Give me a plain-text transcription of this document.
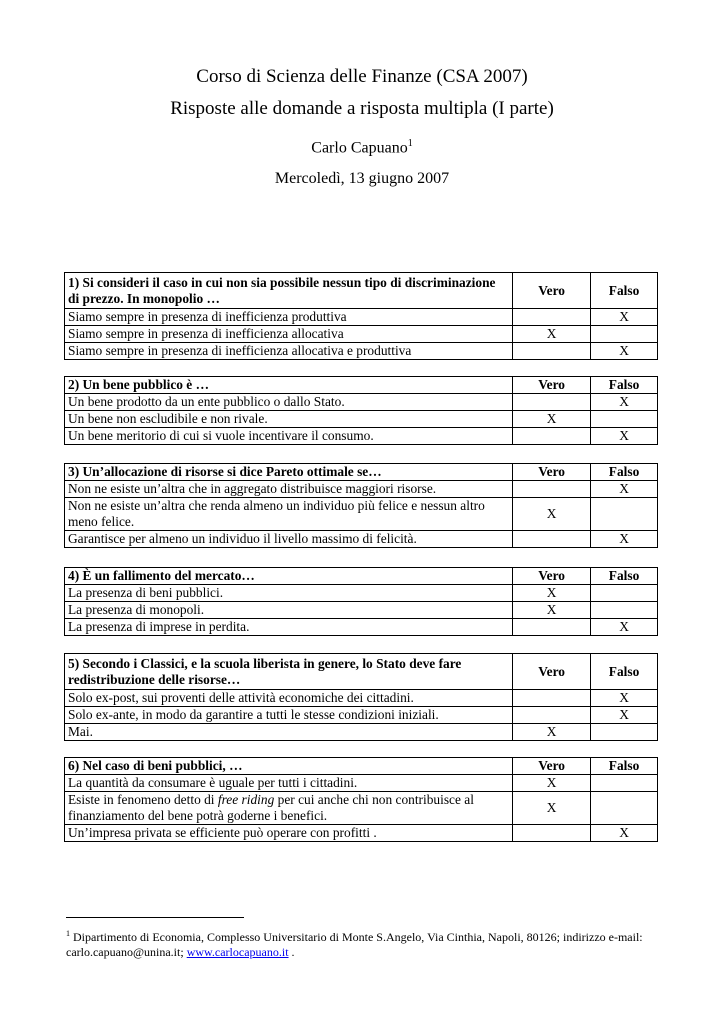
Corso di Scienza delle Finanze (CSA 2007)
Risposte alle domande a risposta multipla (I parte)
Carlo Capuano$^1$
Mercoledì, 13 giugno 2007
1) Si consideri il caso in cui non sia possibile nessun tipo di discriminazione di prezzo. In monopolio …	Vero	Falso
Siamo sempre in presenza di inefficienza produttiva		X
Siamo sempre in presenza di inefficienza allocativa	X	
Siamo sempre in presenza di inefficienza allocativa e produttiva		X
2) Un bene pubblico è …	Vero	Falso
Un bene prodotto da un ente pubblico o dallo Stato.		X
Un bene non escludibile e non rivale.	X	
Un bene meritorio di cui si vuole incentivare il consumo.		X
3) Un’allocazione di risorse si dice Pareto ottimale se…	Vero	Falso
Non ne esiste un’altra che in aggregato distribuisce maggiori risorse.		X
Non ne esiste un’altra che renda almeno un individuo più felice e nessun altro meno felice.	X	
Garantisce per almeno un individuo il livello massimo di felicità.		X
4) È un fallimento del mercato…	Vero	Falso
La presenza di beni pubblici.	X	
La presenza di monopoli.	X	
La presenza di imprese in perdita.		X
5) Secondo i Classici, e la scuola liberista in genere, lo Stato deve fare redistribuzione delle risorse…	Vero	Falso
Solo ex-post, sui proventi delle attività economiche dei cittadini.		X
Solo ex-ante, in modo da garantire a tutti le stesse condizioni iniziali.		X
Mai.	X	
6) Nel caso di beni pubblici, …	Vero	Falso
La quantità da consumare è uguale per tutti i cittadini.	X	
Esiste in fenomeno detto di free riding per cui anche chi non contribuisce al finanziamento del bene potrà goderne i benefici.	X	
Un’impresa privata se efficiente può operare con profitti .		X
$^1$ Dipartimento di Economia, Complesso Universitario di Monte S.Angelo, Via Cinthia, Napoli, 80126; indirizzo e-mail: carlo.capuano@unina.it; www.carlocapuano.it .
